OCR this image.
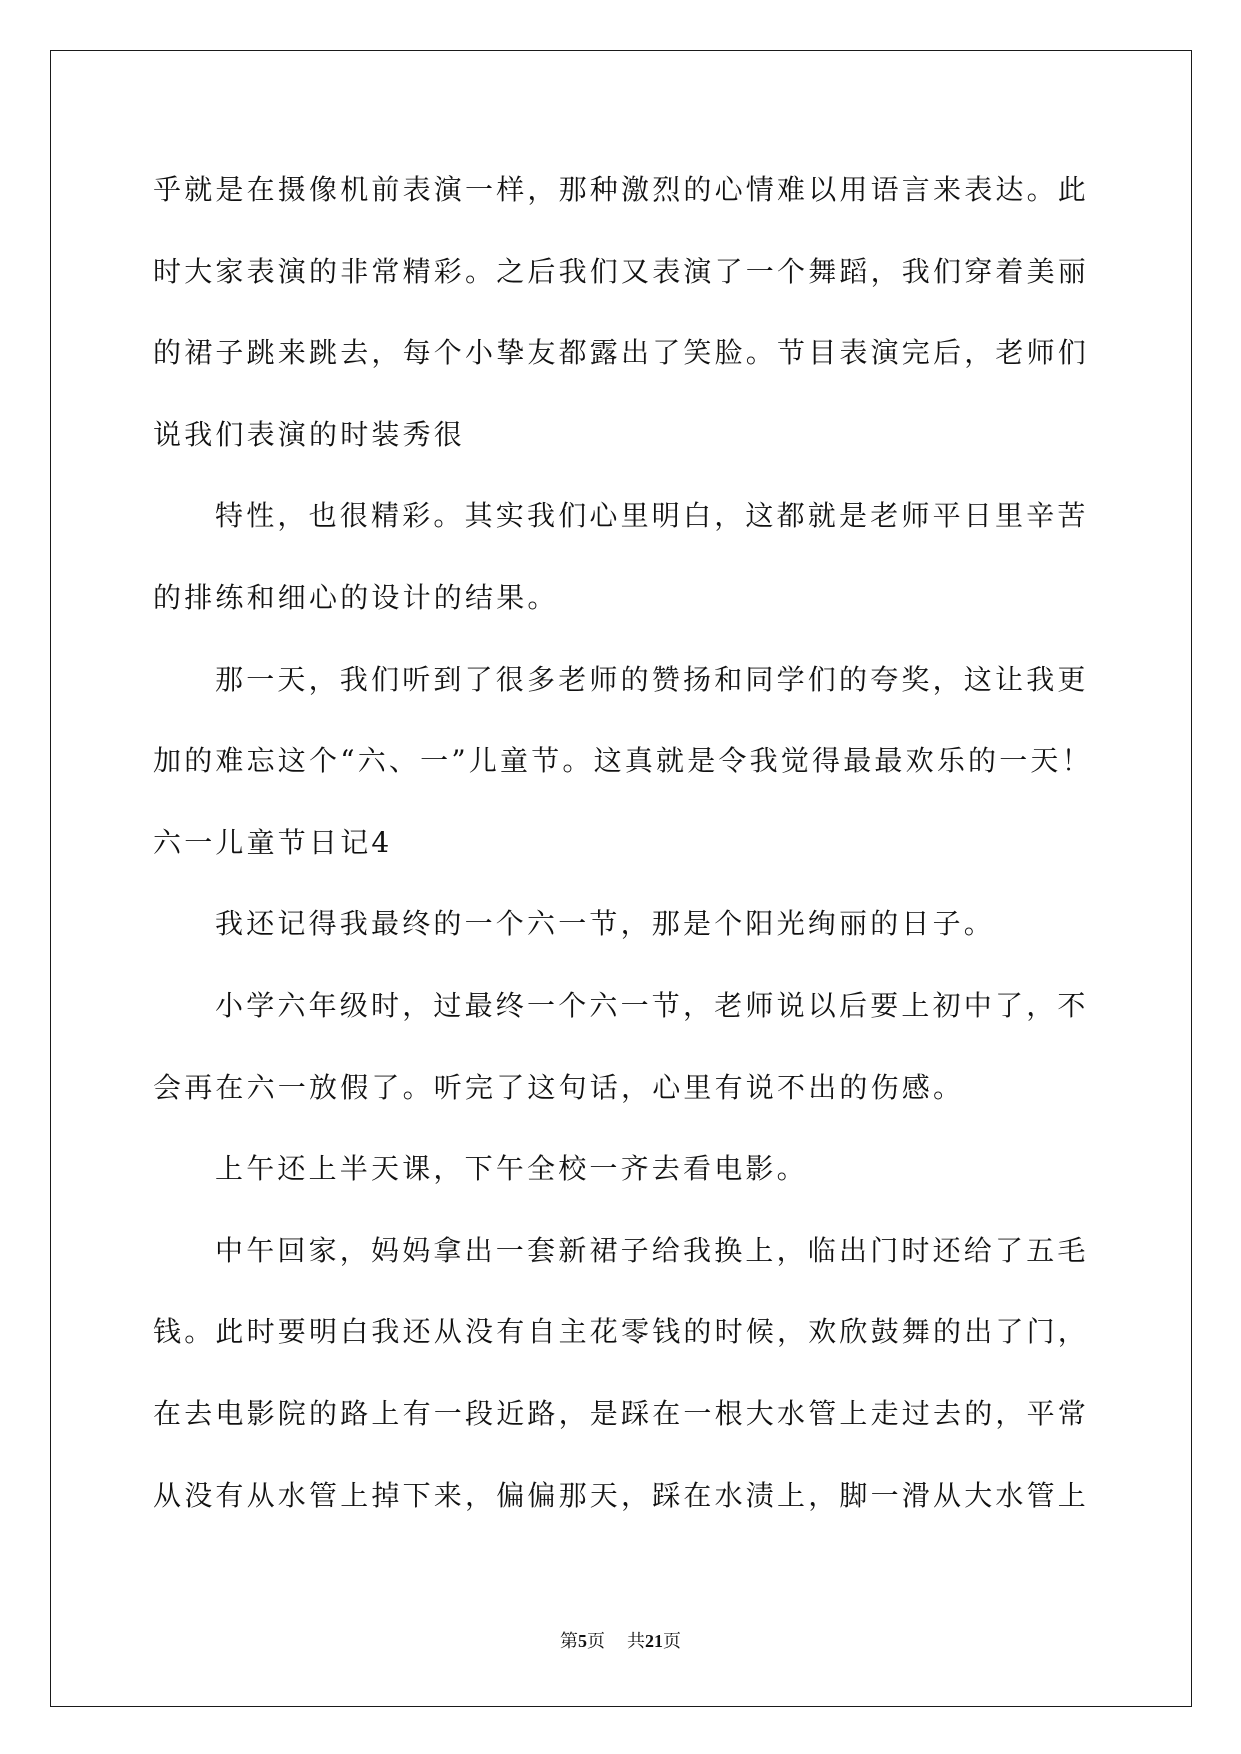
乎就是在摄像机前表演一样，那种激烈的心情难以用语言来表达。此
时大家表演的非常精彩。之后我们又表演了一个舞蹈，我们穿着美丽
的裙子跳来跳去，每个小挚友都露出了笑脸。节目表演完后，老师们
说我们表演的时装秀很
特性，也很精彩。其实我们心里明白，这都就是老师平日里辛苦
的排练和细心的设计的结果。
那一天，我们听到了很多老师的赞扬和同学们的夸奖，这让我更
加的难忘这个“六、一”儿童节。这真就是令我觉得最最欢乐的一天！
六一儿童节日记4
我还记得我最终的一个六一节，那是个阳光绚丽的日子。
小学六年级时，过最终一个六一节，老师说以后要上初中了，不
会再在六一放假了。听完了这句话，心里有说不出的伤感。
上午还上半天课，下午全校一齐去看电影。
中午回家，妈妈拿出一套新裙子给我换上，临出门时还给了五毛
钱。此时要明白我还从没有自主花零钱的时候，欢欣鼓舞的出了门，
在去电影院的路上有一段近路，是踩在一根大水管上走过去的，平常
从没有从水管上掉下来，偏偏那天，踩在水渍上，脚一滑从大水管上
第5页 共21页
